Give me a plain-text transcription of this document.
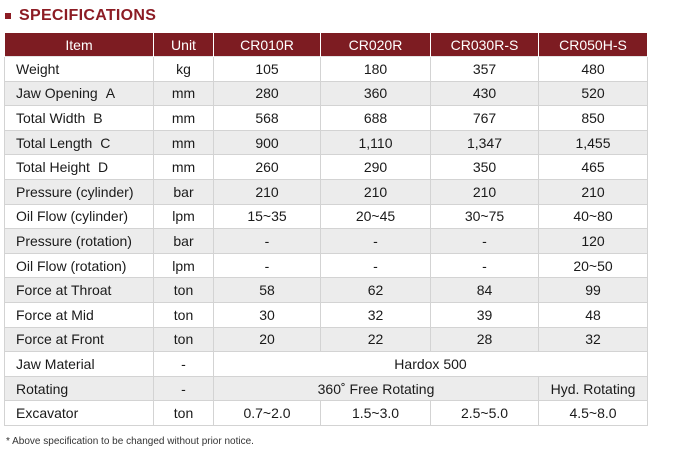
SPECIFICATIONS
Item	Unit	CR010R	CR020R	CR030R-S	CR050H-S
Weight	kg	105	180	357	480
Jaw Opening A	mm	280	360	430	520
Total Width B	mm	568	688	767	850
Total Length C	mm	900	1,110	1,347	1,455
Total Height D	mm	260	290	350	465
Pressure (cylinder)	bar	210	210	210	210
Oil Flow (cylinder)	lpm	15~35	20~45	30~75	40~80
Pressure (rotation)	bar	-	-	-	120
Oil Flow (rotation)	lpm	-	-	-	20~50
Force at Throat	ton	58	62	84	99
Force at Mid	ton	30	32	39	48
Force at Front	ton	20	22	28	32
Jaw Material	-	Hardox 500			
Rotating	-	360˚ Free Rotating			Hyd. Rotating
Excavator	ton	0.7~2.0	1.5~3.0	2.5~5.0	4.5~8.0
* Above specification to be changed without prior notice.
